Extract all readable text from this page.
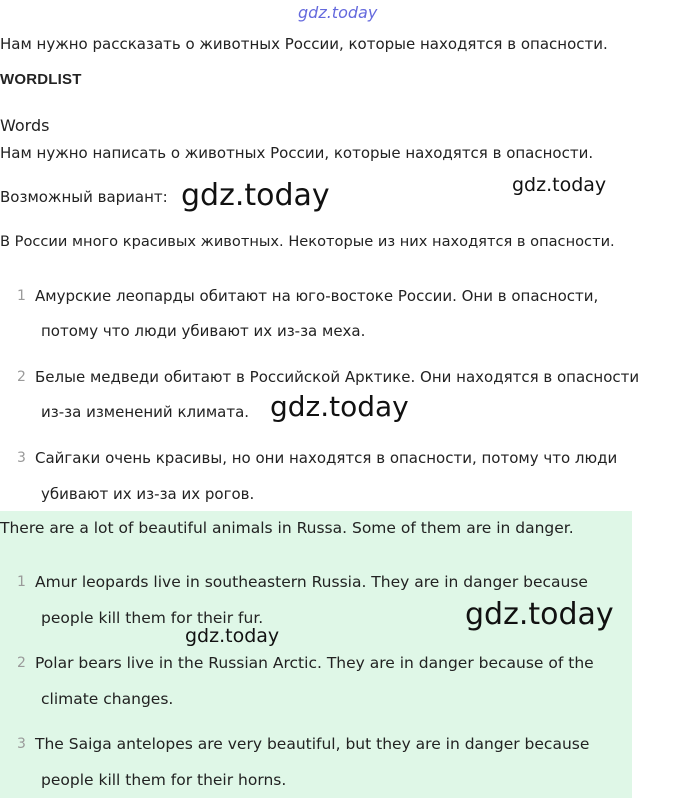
gdz.today
Нам нужно рассказать о животных России, которые находятся в опасности.
WORDLIST
Words
Нам нужно написать о животных России, которые находятся в опасности.
Возможный вариант: gdz.today	gdz.today
В России много красивых животных. Некоторые из них находятся в опасности.
1 Амурские леопарды обитают на юго-востоке России. Они в опасности,
потому что люди убивают их из-за меха.
2 Белые медведи обитают в Российской Арктике. Они находятся в опасности
из-за изменений климата. gdz.today
3 Сайгаки очень красивы, но они находятся в опасности, потому что люди
убивают их из-за их рогов.
There are a lot of beautiful animals in Russa. Some of them are in danger.
1 Amur leopards live in southeastern Russia. They are in danger because
people kill them for their fur.	gdz.today
gdz.today
2 Polar bears live in the Russian Arctic. They are in danger because of the
climate changes.
3 The Saiga antelopes are very beautiful, but they are in danger because
people kill them for their horns.
